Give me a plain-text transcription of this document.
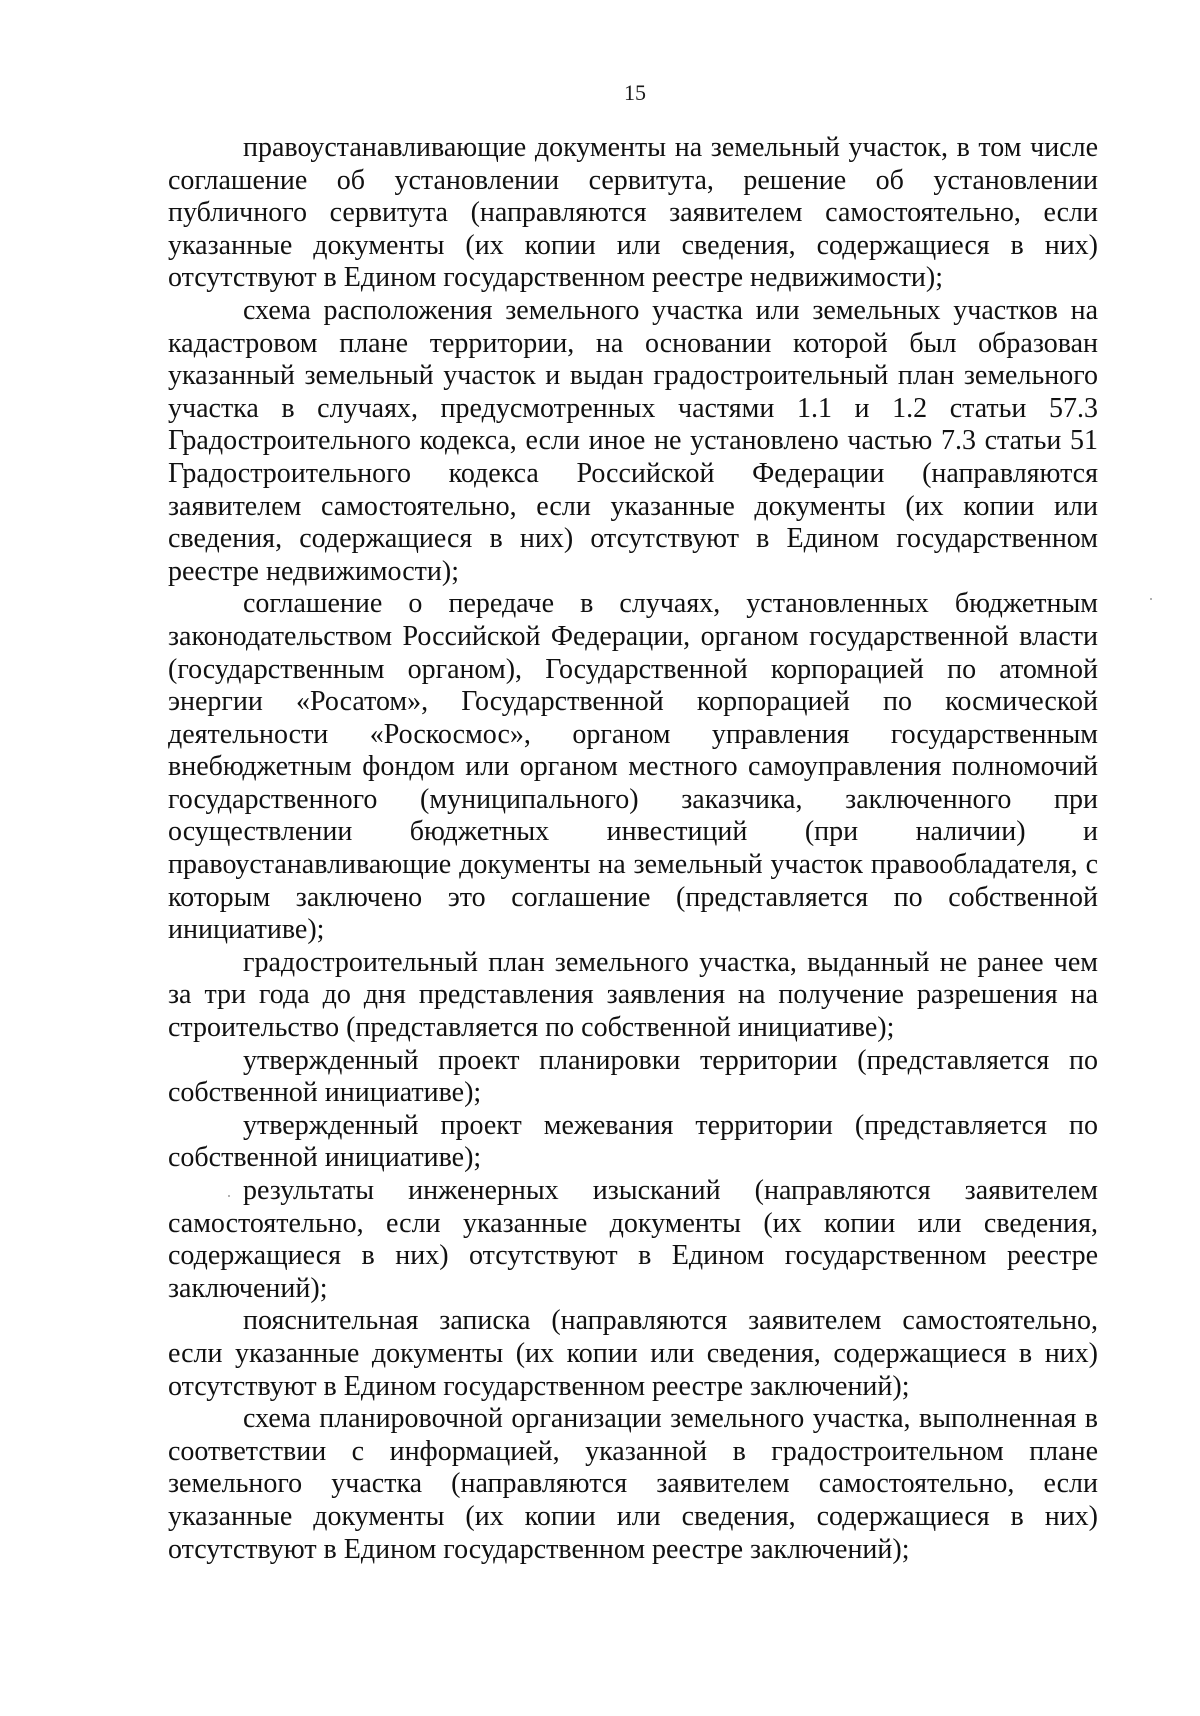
15

правоустанавливающие документы на земельный участок, в том числе соглашение об установлении сервитута, решение об установлении публичного сервитута (направляются заявителем самостоятельно, если указанные документы (их копии или сведения, содержащиеся в них) отсутствуют в Едином государственном реестре недвижимости);

схема расположения земельного участка или земельных участков на кадастровом плане территории, на основании которой был образован указанный земельный участок и выдан градостроительный план земельного участка в случаях, предусмотренных частями 1.1 и 1.2 статьи 57.3 Градостроительного кодекса, если иное не установлено частью 7.3 статьи 51 Градостроительного кодекса Российской Федерации (направляются заявителем самостоятельно, если указанные документы (их копии или сведения, содержащиеся в них) отсутствуют в Едином государственном реестре недвижимости);

соглашение о передаче в случаях, установленных бюджетным законодательством Российской Федерации, органом государственной власти (государственным органом), Государственной корпорацией по атомной энергии «Росатом», Государственной корпорацией по космической деятельности «Роскосмос», органом управления государственным внебюджетным фондом или органом местного самоуправления полномочий государственного (муниципального) заказчика, заключенного при осуществлении бюджетных инвестиций (при наличии) и правоустанавливающие документы на земельный участок правообладателя, с которым заключено это соглашение (представляется по собственной инициативе);

градостроительный план земельного участка, выданный не ранее чем за три года до дня представления заявления на получение разрешения на строительство (представляется по собственной инициативе);

утвержденный проект планировки территории (представляется по собственной инициативе);

утвержденный проект межевания территории (представляется по собственной инициативе);

результаты инженерных изысканий (направляются заявителем самостоятельно, если указанные документы (их копии или сведения, содержащиеся в них) отсутствуют в Едином государственном реестре заключений);

пояснительная записка (направляются заявителем самостоятельно, если указанные документы (их копии или сведения, содержащиеся в них) отсутствуют в Едином государственном реестре заключений);

схема планировочной организации земельного участка, выполненная в соответствии с информацией, указанной в градостроительном плане земельного участка (направляются заявителем самостоятельно, если указанные документы (их копии или сведения, содержащиеся в них) отсутствуют в Едином государственном реестре заключений);
